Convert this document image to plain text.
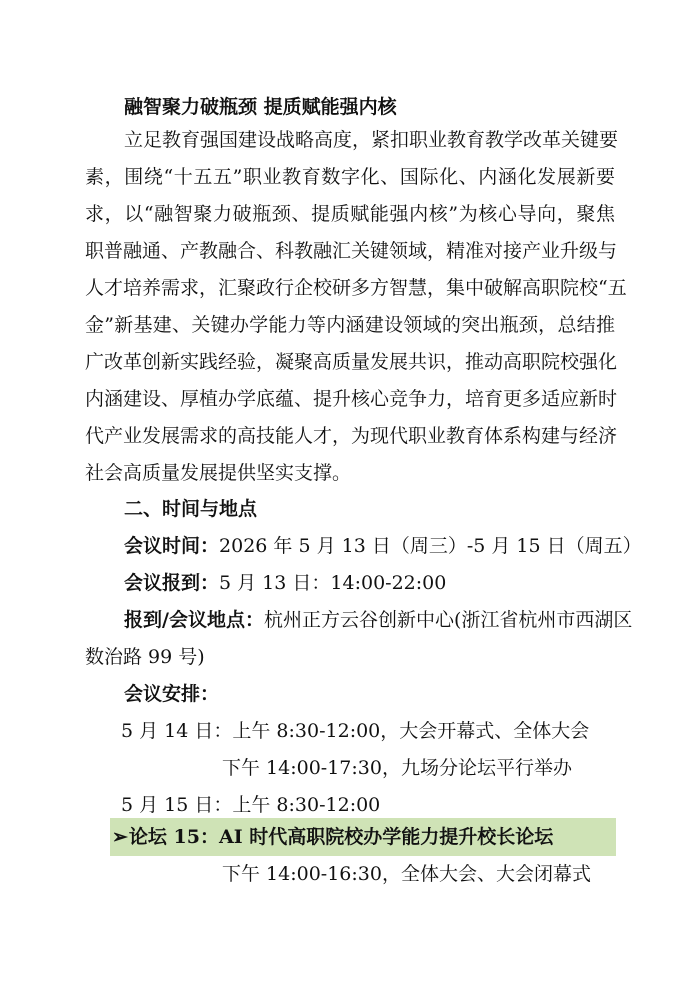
融智聚力破瓶颈 提质赋能强内核
立足教育强国建设战略高度，紧扣职业教育教学改革关键要
素，围绕“十五五”职业教育数字化、国际化、内涵化发展新要
求，以“融智聚力破瓶颈、提质赋能强内核”为核心导向，聚焦
职普融通、产教融合、科教融汇关键领域，精准对接产业升级与
人才培养需求，汇聚政行企校研多方智慧，集中破解高职院校“五
金”新基建、关键办学能力等内涵建设领域的突出瓶颈，总结推
广改革创新实践经验，凝聚高质量发展共识，推动高职院校强化
内涵建设、厚植办学底蕴、提升核心竞争力，培育更多适应新时
代产业发展需求的高技能人才，为现代职业教育体系构建与经济
社会高质量发展提供坚实支撑。
二、时间与地点
会议时间：2026 年 5 月 13 日（周三）-5 月 15 日（周五）
会议报到：5 月 13 日：14:00-22:00
报到/会议地点：杭州正方云谷创新中心(浙江省杭州市西湖区
数治路 99 号)
会议安排：
5 月 14 日：上午 8:30-12:00，大会开幕式、全体大会
下午 14:00-17:30，九场分论坛平行举办
5 月 15 日：上午 8:30-12:00
➢论坛 15：AI 时代高职院校办学能力提升校长论坛
下午 14:00-16:30，全体大会、大会闭幕式
